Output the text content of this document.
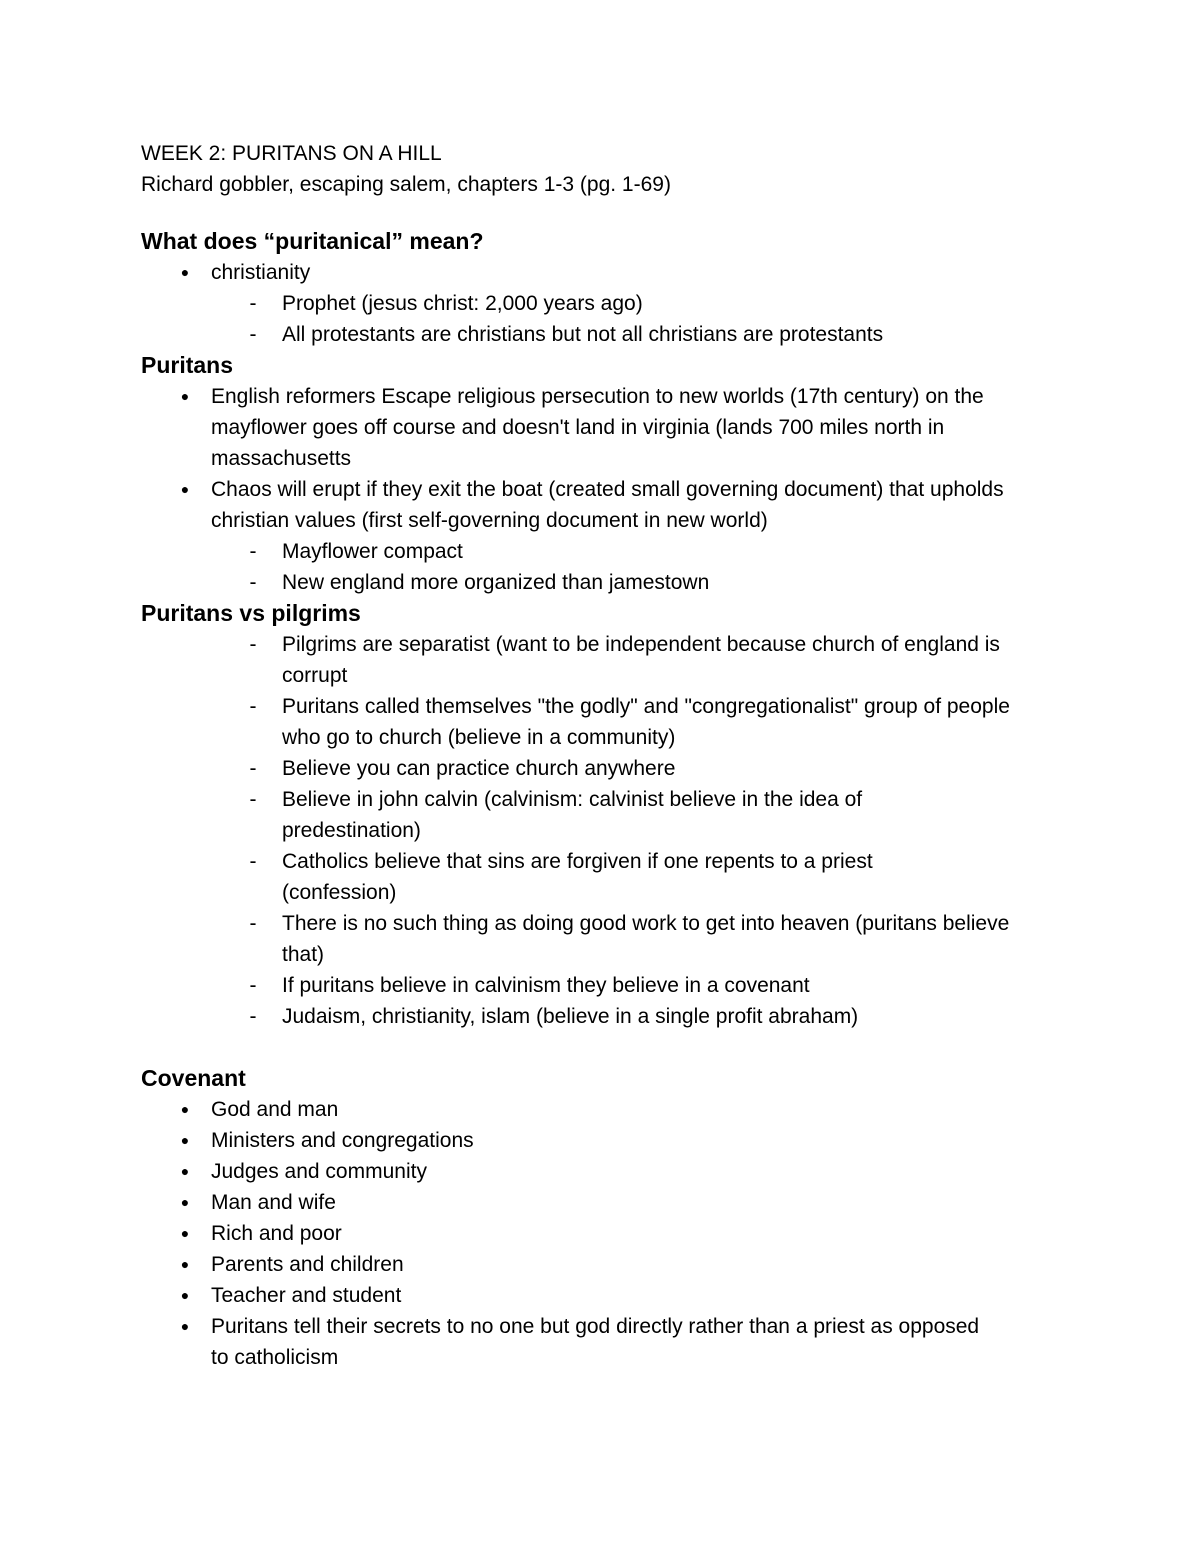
WEEK 2: PURITANS ON A HILL
Richard gobbler, escaping salem, chapters 1-3 (pg. 1-69)
What does “puritanical” mean?
● christianity
-	Prophet (jesus christ: 2,000 years ago)
-	All protestants are christians but not all christians are protestants
Puritans
● English reformers Escape religious persecution to new worlds (17th century) on the mayflower goes off course and doesn't land in virginia (lands 700 miles north in massachusetts
● Chaos will erupt if they exit the boat (created small governing document) that upholds christian values (first self-governing document in new world)
-	Mayflower compact
-	New england more organized than jamestown
Puritans vs pilgrims
-	Pilgrims are separatist (want to be independent because church of england is corrupt
-	Puritans called themselves "the godly" and "congregationalist" group of people who go to church (believe in a community)
-	Believe you can practice church anywhere
-	Believe in john calvin (calvinism: calvinist believe in the idea of predestination)
-	Catholics believe that sins are forgiven if one repents to a priest (confession)
-	There is no such thing as doing good work to get into heaven (puritans believe that)
-	If puritans believe in calvinism they believe in a covenant
-	Judaism, christianity, islam (believe in a single profit abraham)
Covenant
● God and man
● Ministers and congregations
● Judges and community
● Man and wife
● Rich and poor
● Parents and children
● Teacher and student
● Puritans tell their secrets to no one but god directly rather than a priest as opposed to catholicism
